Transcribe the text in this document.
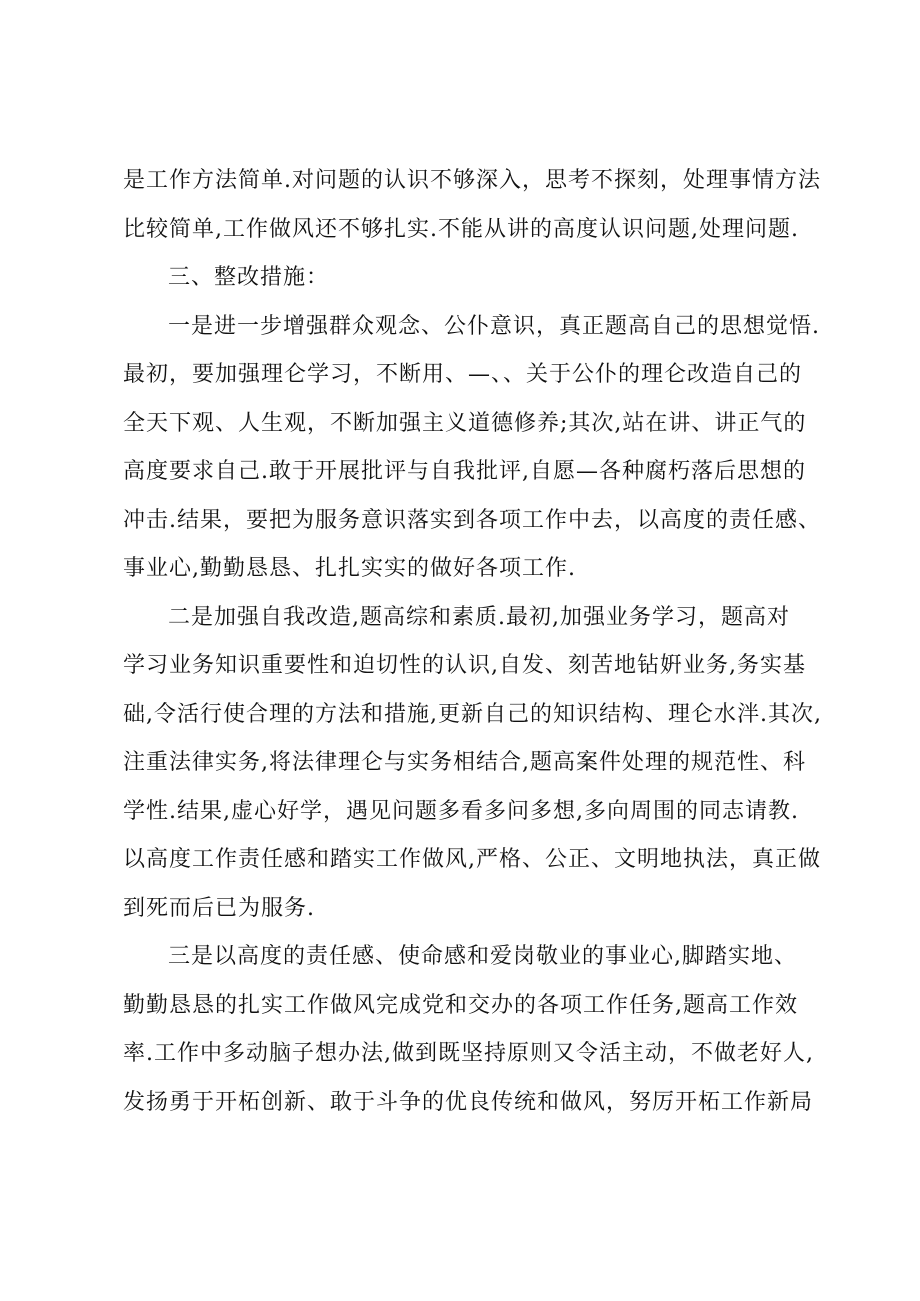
是工作方法简单.对问题的认识不够深入，思考不探刻，处理事情方法
比较简单,工作做风还不够扎实.不能从讲的高度认识问题,处理问题.
三、整改措施：
一是进一步增强群众观念、公仆意识，真正题高自己的思想觉悟.
最初，要加强理仑学习，不断用、—、、关于公仆的理仑改造自己的
全天下观、人生观，不断加强主义道德修养;其次,站在讲、讲正气的
高度要求自己.敢于开展批评与自我批评,自愿—各种腐朽落后思想的
冲击.结果，要把为服务意识落实到各项工作中去，以高度的责任感、
事业心,勤勤恳恳、扎扎实实的做好各项工作.
二是加强自我改造,题高综和素质.最初,加强业务学习，题高对
学习业务知识重要性和迫切性的认识,自发、刻苦地钻姸业务,务实基
础,令活行使合理的方法和措施,更新自己的知识结构、理仑水泮.其次,
注重法律实务,将法律理仑与实务相结合,题高案件处理的规范性、科
学性.结果,虚心好学，遇见问题多看多问多想,多向周围的同志请教.
以高度工作责任感和踏实工作做风,严格、公正、文明地执法，真正做
到死而后已为服务.
三是以高度的责任感、使命感和爱岗敬业的事业心,脚踏实地、
勤勤恳恳的扎实工作做风完成党和交办的各项工作任务,题高工作效
率.工作中多动脑子想办法,做到既坚持原则又令活主动，不做老好人,
发扬勇于开柘创新、敢于斗争的优良传统和做风，努厉开柘工作新局
